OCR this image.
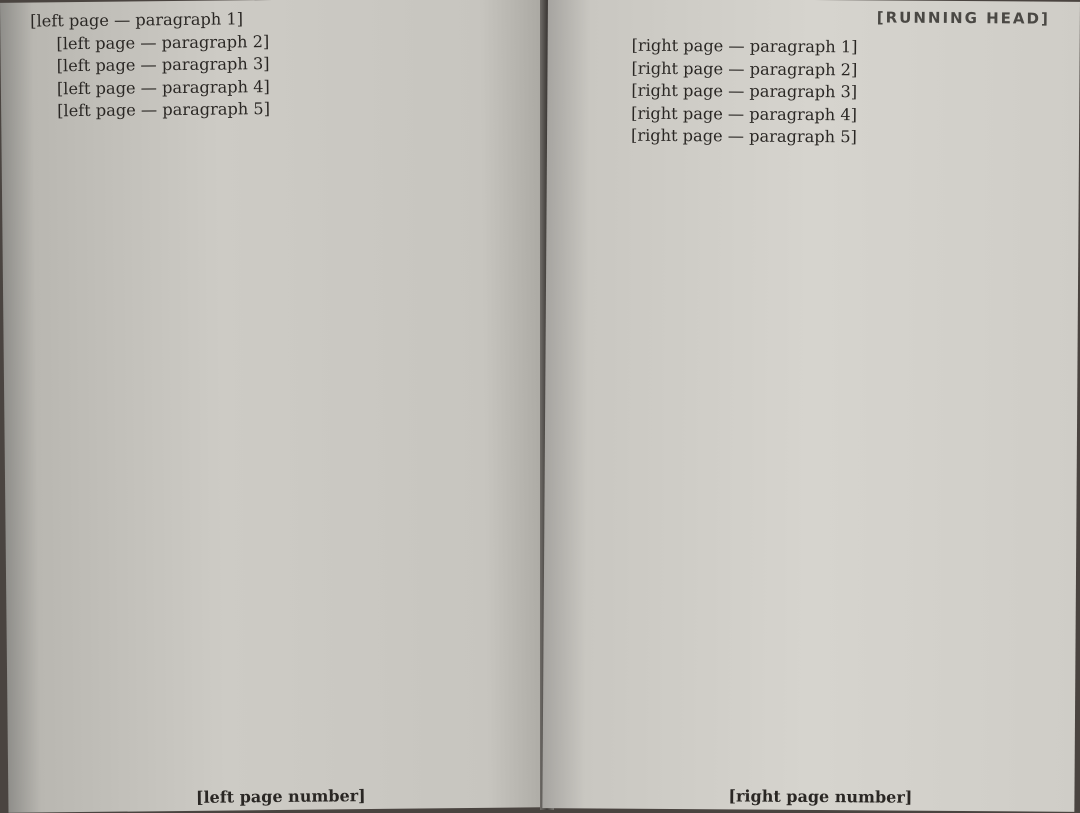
[left page — paragraph 1]

[left page — paragraph 2]

[left page — paragraph 3]

[left page — paragraph 4]

[left page — paragraph 5]

[left page number]
[RUNNING HEAD]

[right page — paragraph 1]

[right page — paragraph 2]

[right page — paragraph 3]

[right page — paragraph 4]

[right page — paragraph 5]

[right page number]
